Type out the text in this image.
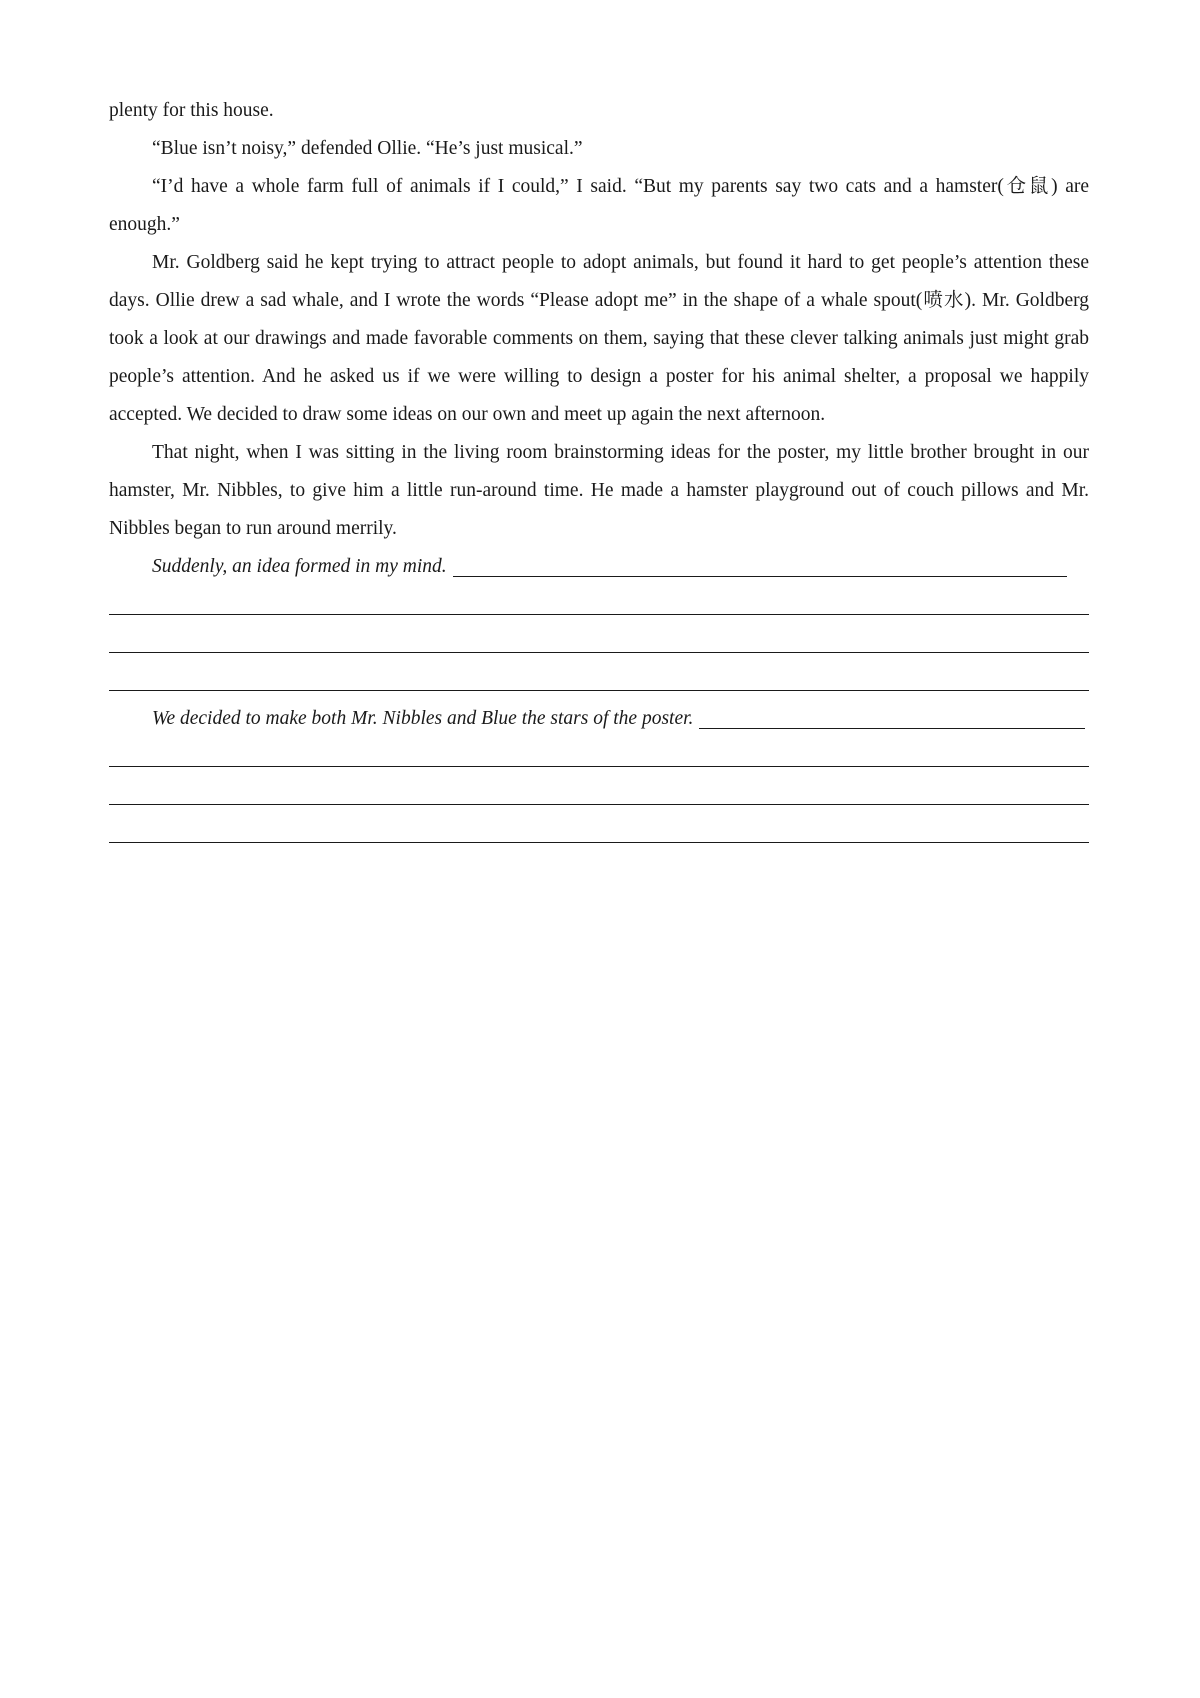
plenty for this house.

“Blue isn’t noisy,” defended Ollie. “He’s just musical.”

“I’d have a whole farm full of animals if I could,” I said. “But my parents say two cats and a hamster(仓鼠) are enough.”

Mr. Goldberg said he kept trying to attract people to adopt animals, but found it hard to get people’s attention these days. Ollie drew a sad whale, and I wrote the words “Please adopt me” in the shape of a whale spout(喷水). Mr. Goldberg took a look at our drawings and made favorable comments on them, saying that these clever talking animals just might grab people’s attention. And he asked us if we were willing to design a poster for his animal shelter, a proposal we happily accepted. We decided to draw some ideas on our own and meet up again the next afternoon.

That night, when I was sitting in the living room brainstorming ideas for the poster, my little brother brought in our hamster, Mr. Nibbles, to give him a little run-around time. He made a hamster playground out of couch pillows and Mr. Nibbles began to run around merrily.

Suddenly, an idea formed in my mind.
We decided to make both Mr. Nibbles and Blue the stars of the poster.
